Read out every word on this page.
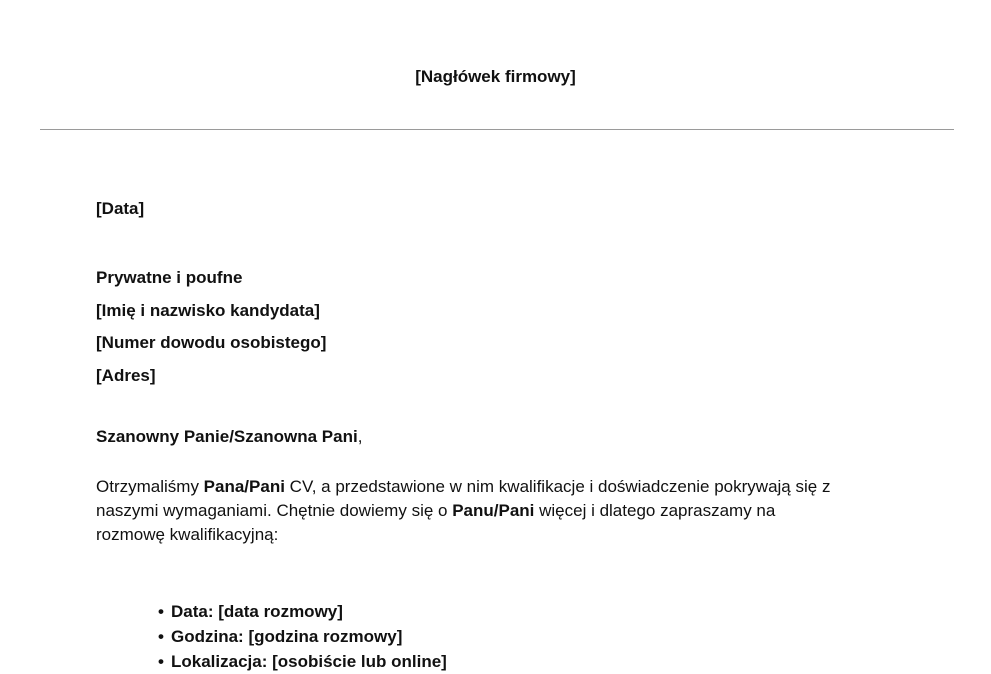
[Nagłówek firmowy]
[Data]
Prywatne i poufne
[Imię i nazwisko kandydata]
[Numer dowodu osobistego]
[Adres]
Szanowny Panie/Szanowna Pani,
Otrzymaliśmy Pana/Pani CV, a przedstawione w nim kwalifikacje i doświadczenie pokrywają się z naszymi wymaganiami. Chętnie dowiemy się o Panu/Pani więcej i dlatego zapraszamy na rozmowę kwalifikacyjną:
• Data: [data rozmowy]
• Godzina: [godzina rozmowy]
• Lokalizacja: [osobiście lub online]
